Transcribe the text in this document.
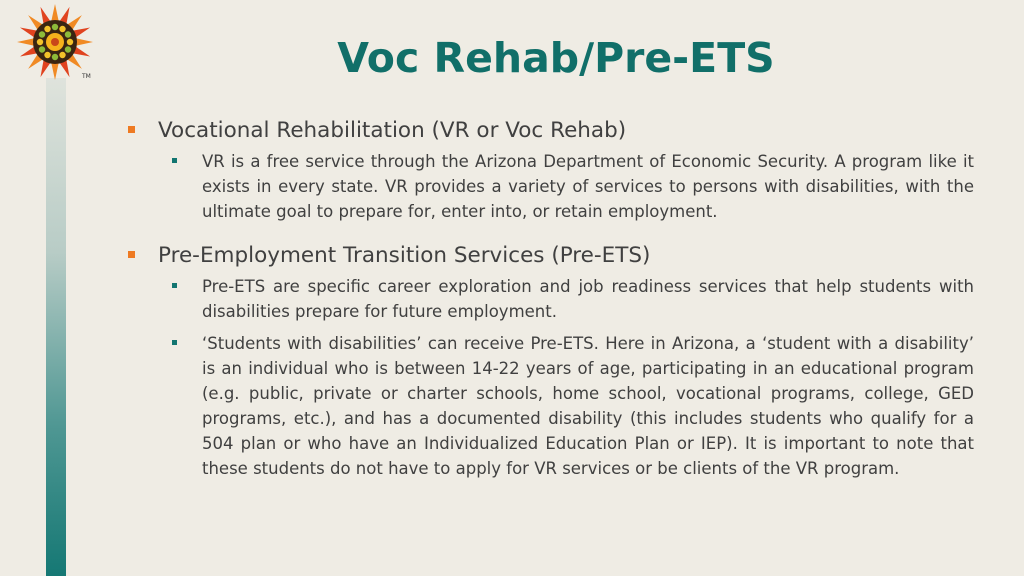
TM	Voc Rehab/Pre-ETS
Vocational Rehabilitation (VR or Voc Rehab)
VR is a free service through the Arizona Department of Economic Security. A program like it exists in every state. VR provides a variety of services to persons with disabilities, with the ultimate goal to prepare for, enter into, or retain employment.
Pre-Employment Transition Services (Pre-ETS)
Pre-ETS are specific career exploration and job readiness services that help students with disabilities prepare for future employment.
‘Students with disabilities’ can receive Pre-ETS. Here in Arizona, a ‘student with a disability’ is an individual who is between 14-22 years of age, participating in an educational program (e.g. public, private or charter schools, home school, vocational programs, college, GED programs, etc.), and has a documented disability (this includes students who qualify for a 504 plan or who have an Individualized Education Plan or IEP). It is important to note that these students do not have to apply for VR services or be clients of the VR program.
